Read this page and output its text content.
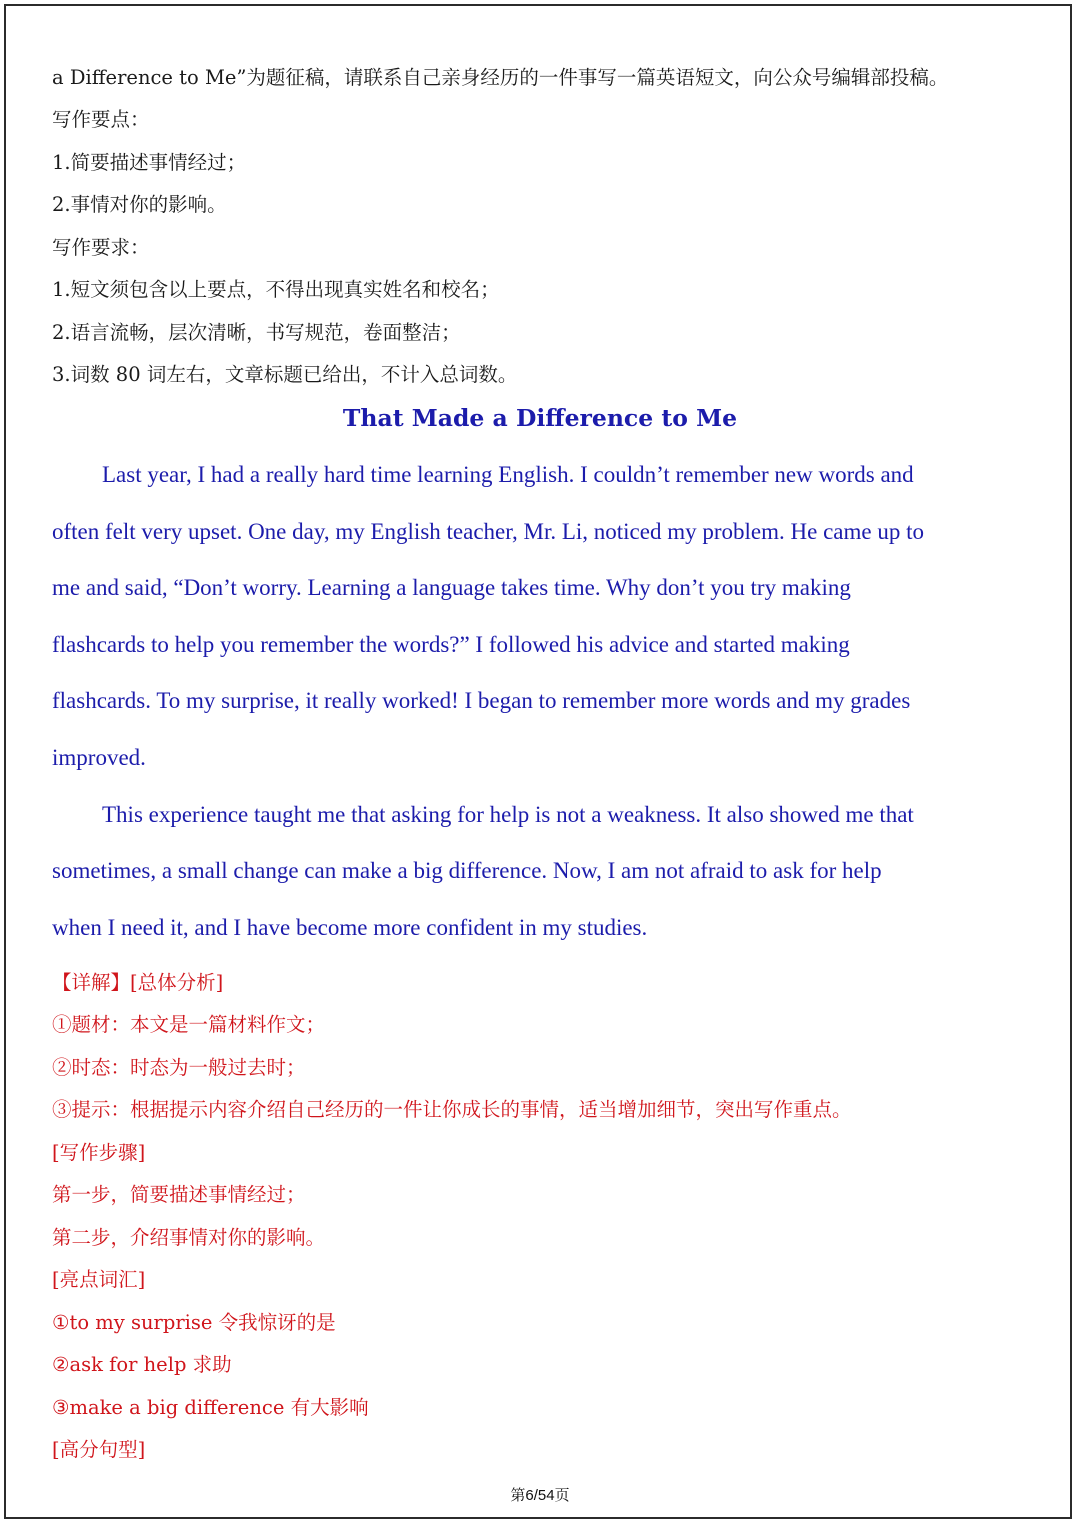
a Difference to Me”为题征稿，请联系自己亲身经历的一件事写一篇英语短文，向公众号编辑部投稿。
写作要点：
1.简要描述事情经过；
2.事情对你的影响。
写作要求：
1.短文须包含以上要点，不得出现真实姓名和校名；
2.语言流畅，层次清晰，书写规范，卷面整洁；
3.词数 80 词左右，文章标题已给出，不计入总词数。
That Made a Difference to Me
Last year, I had a really hard time learning English. I couldn’t remember new words and
often felt very upset. One day, my English teacher, Mr. Li, noticed my problem. He came up to
me and said, “Don’t worry. Learning a language takes time. Why don’t you try making
flashcards to help you remember the words?” I followed his advice and started making
flashcards. To my surprise, it really worked! I began to remember more words and my grades
improved.
This experience taught me that asking for help is not a weakness. It also showed me that
sometimes, a small change can make a big difference. Now, I am not afraid to ask for help
when I need it, and I have become more confident in my studies.
【详解】[总体分析]
①题材：本文是一篇材料作文；
②时态：时态为一般过去时；
③提示：根据提示内容介绍自己经历的一件让你成长的事情，适当增加细节，突出写作重点。
[写作步骤]
第一步，简要描述事情经过；
第二步，介绍事情对你的影响。
[亮点词汇]
①to my surprise 令我惊讶的是
②ask for help 求助
③make a big difference 有大影响
[高分句型]
第6/54页
